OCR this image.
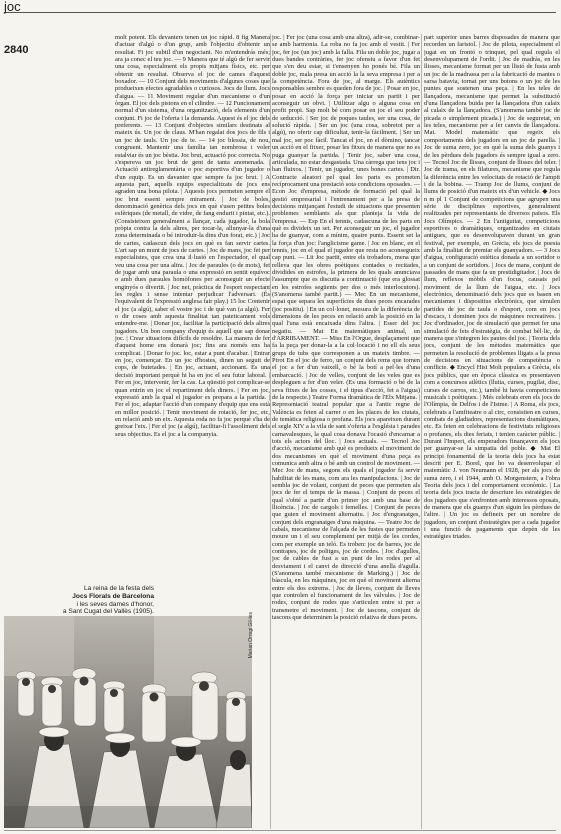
joc
2840

molt potent. Els devanters tenen un joc rápid. 8 fig Manera d'actuar d'algú o d'un grup, amb l'objectiu d'obtenir un resultat. Fi joc subtil d'un negociant. No m'entendrás més; ara ja conec el teu joc. — 9 Manera que té algú de fer servir una cosa, especialment els propis mitjans físics, etc. per obtenir un resultat. Observa el joc de cames d'aquest boxador. — 10 Conjunt dels moviments d'algunes coses que produeixen efectes agradables o curiosos. Jocs de llum. Jocs d'aigua. — 11 Moviment regular d'un mecanisme o d'un òrgan. El joc dels pistons en el cilindre. — 12 Funcionament normal d'un sistema, d'una organització, dels elements d'un conjunt. Fi joc de l'oferta i la demanda. Aquest és el joc dels preferents. — 13 Conjunt d'objectes similars destinats al mateix ús. Un joc de claus. M'han regalat dos jocs de fils i un joc de tauls. Un joc de te. — 14 joc blessia, de nou, congruent. Mantenir una família tan nombrosa i voler estalviar és un joc bèstia. Joc brut, actuació poc correcta. No s'espereva un joc brut de gent de tanta anomenada. | Actuació antireglamentària o poc esportiva d'un jugador o d'un equip. Es un davanter que sempre fa joc brut. | A aquesta part, aquells equips especialitzats de jocs ens agraden una bona pilota. | Aquests jocs permeten sempre el joc brut essent sempre mirament. | Joc de boles, denominació genèrica dels jocs en què s'usen petites boles esfèriques (de metall, de vidre, de fang endurit i pintat, etc.). (Consisteixen generalment a llançar, cada jugador, la bola pròpia contra la dels altres, per tocar-la, allunyar-la d'una zona determinada o bé introduir-la dins d'un forat, etc.) | Joc de cartes, cadascun dels jocs en què es fan servir cartes. L'art sap un munt de jocs de cartes. | Joc de mans, joc fet per especialistes, que crea una il·lusió en l'espectador, el qual veu una cosa per una altra. | Joc de paraules (o de mots), fet de jugar amb una paraula o una expressió en sentit equívoc o amb dues paraules homòfones per aconseguir un efecte enginyós o divertit. | Joc net, pràctica de l'esport respectant les regles i sense intentar perjudicar l'adversari. (És l'equivalent de l'expressió anglesa fair play.) 15 loc Contenir el joc (a algú), saber el vostre joc i de què van (a algú). Fer o dir coses amb aquesta finalitat tan pateticament vols entendre-me. | Donar joc, facilitar la participació dels altres jugadors. Un bon company d'equip és aquell que sap donar joc. | Crear situacions difícils de resoldre. La manera de fer d'aquest home ens donarà joc; fins ara només ens ha complicat. | Donar fo joc. loc, estar a punt d'acabar. | Entrar en joc, començar. En un joc d'hostes, dinen un seguit de cops, de butetades. | En joc, actuant, accionant. Es una decisió important perquè hi ha en joc el seu futur laboral. | Fer en joc, intervenir, fer la cas. La qüestió pot complicar-se quan entrin en joc el repartiment dels diners. | Fer en joc, expressió amb la qual el jugador es prepara a la partida. | Fer el joc, adaptar l'acció d'un company d'equip que ens està en millor posició. | Tenir moviment de rotació, fer joc, etc, en relació amb un eix. Aquesta roda no fa joc perquè s'ha de greixar l'eix. | Fer el joc (a algú), facilitar-li l'assoliment dels seus objectius. Es el joc a la companyia.

joc. | Fer joc (una cosa amb una altra), adir-se, combinar-se amb harmonia. La roba no fa joc amb el vestit. | Fer joc, fer joc (un joc) amb la falla. Fila un doble joc, jugar a dues bandes contràries, fer joc ofensiu a favor d'un fet que s'en deu estar, si t'ensenyen ho ponés bé. Fila un doble joc, mala presa un acció la la seva empresa i per a la competència. Fora de joc, al marge. Els autèntics responsables sembre es queden fora de joc. | Posar en joc, posar en acció la força per iniciar un partit i per aconseguir un obvi. | Utilitzar algu o alguna cosa en profit propi. Sap molt bé com posar en joc el seu poder de seducció. | Ser joc de poques taules, ser una cosa, de solució ràpida. | Ser un joc (una cosa, sobretot per a algú), no oferir cap dificultat, tenir-la fàcilment. | Ser un mal joc, ser poc fàcil. Tancat el joc, en el dòmino, tancar un acció en el fitxer, posar les fitxes de manera que no es puga guanyar la partida. | Tenir joc, saber una cosa, articulada, no estar desgastada. Una càrrega que tens joc i han fluixos. | Tenir, un jugador, unes bones cartes. | Dir. Contracte aleatori pel qual les parts es prometen recíprocament una prestació sota condicions oposades. — Econ Joc d'empresa, mètode de formació pel qual la gestió empresarial i l'entrenament per a la presa de decisions mitjançant l'estudi de situacions que presenten problemes semblants als que planteja la vida de l'empresa. — Esp En el tennis, cadascuna de les parts en què es divideix un set. Per aconseguir un joc, el jugador ha de guanyar, com a mínim, quatre punts. Essent set la la força d'un joc: l'anglicisme game. | Joc en blanc, en el tennis, joc en el qual el jugador que resta no aconsegueix cap punt. — Lit Joc partit, entre els trobadors, mena que relleva que les obres poètiques contades o recitades, dividides en estrofes, la primera de les quals anunciava l'assumpte que es discutia a continuació (que era glossat en les estrofes següents per dos o més interlocutors). (S'anomena també partit.) — Mec En un mecanisme, espai que separa les superfícies de dues peces encarades (joc positiu). | En un col·lonet, mesura de la diferència de dimensions de les peces en relació amb la posició en la qual l'una està encaixada dins l'altra. | Esser del joc negatiu. — Mat En matemàtiques animal, un d'ARRIBAMENT. — Miss En l'Orgue, desplaçament que fa la peça per donar-la a la col·locació i no ell els seus grups de tubs que corresponen a un mateix timbre. — Pirot En el joc de ferro, un conjunt dels rems que tornen el joc a fer d'un vaixell, o bé la botí a pel·les d'una embarcació. | Joc de velles, conjunt de les veles que es despleguen a fer d'un veler. (Es una formació o bé de la seva fitxes de les cosses, i el tipus d'acció, fet a l'aigua) de la respecte.) Teatre Forma dramàtica de l'Elx Mitjana. | Representació teatral popular que a l'antic regne de València es feien al carrer o en les places de les ciutats, de temàtica religiosa o profana. Els jocs apareixen durant el segle XIV a la vila de sant s'oferia a l'església i parades carnavalesques, la qual cosa donava l'ocasió d'encarnar a tots els actors del lloc. | Jocs actuals. — Tecnol Joc d'acció, mecanisme amb què es produeix el moviment de dos mecanismes en què el moviment d'una peça es comunica amb altra o bé amb un control de moviment. — Mec Joc de mans, segons els quals el jugador fa servir habilitat de les mans, com ara les manipulacions. | Joc de sembla joc de volant, conjunt de peces que permeten als jocs de fer el temps de la massa. | Conjunt de peces el qual s'obté a partir d'un primer joc amb una base de llicència. | Joc de cargols i femelles. | Conjunt de peces que guien el moviment alternatiu. | Joc d'engranatges, conjunt dels engranatges d'una màquina. — Teatre Joc de cabals, mecanisme de l'alçada de les fustes que permeten moure un i el seu complement per mitjà de les cordes, com per exemple un teló. Es troben: joc de barres, joc de contrapes, joc de politges, joc de cordes. | Joc d'agulles, joc de cables de fust a un punt de les rodes per al desviament i el canvi de direcció d'una anella d'agulla. (S'anomena també mecanisme de Marking.) | Joc de bàscula, en les màquines, joc en què el moviment alterna entre els dos extrems. | Joc de lleves, conjunt de lleves que controlen el funcionament de les vàlvules. | Joc de rodes, conjunt de rodes que s'articulen entre si per a transmetre el moviment. | Joc de tascons, conjunt de tascons que determinen la posició relativa de dues peces.

part superior unes barres disposades de manera que recorden un faristol. | Joc de pilota, especialment el jugat en un frontó o trinquet, pel qual regula el desenvolupament de l'ordit. | Joc de madràs, en les llisses, mecanisme format per un llistó de fusta amb un joc de la madrassa per a la fabricació de mantes o sarsa batavia, tornat per uns botons o un joc de les puntes que sostenen una peça. | En les teles de llançadora, mecanisme que permet la substitució d'una llançadora buida per la llançadora d'un calaix al calaix de la llançadora. (S'anomena també joc de picada o simplement picada.) | Joc de seguretat, en les teles, mecanisme per a fer canvis de llançadora. Mat. Model matemàtic que regeix els comportaments dels jugadors en un joc de parella. | Joc de suma zero, joc en què la suma dels guanys i de les pèrdues dels jugadors és sempre igual a zero. — Tecnol Joc de llisses, conjunt de llisses del teler. | Joc de trama, en els filatures, mecanisme que regula la diferència entre les velocitats de rotació de l'ampit i de la bobina. — Tramp Joc de llums, conjunt de llums de posició d'un mateix eix d'un vehicle. ◆ Jocs n m pl 1 Conjunt de competicions que agrupen una sèrie de disciplines esportives, generalment realitzades per representants de diversos països. Els Jocs Olímpics. — 2 En l'antiguitat, competicions esportives o dramàtiques, organitzades en ciutats antigues, que es desenvolupaven durant un gran festival, per exemple, en Grècia, els jocs de poesia amb la finalitat de premiar els guanyadors. — 3 Jocs d'aigua, configuració estètica donada a un sortidor o a un conjunt de sortidors. | Jocs de mans, conjunt de passades de mans que fa un prestidigitador. | Jocs de llum, reflexos mòbils d'un focus, causats pel moviment de la llum de l'aigua, etc. | Jocs electrònics, denominació dels jocs que es basen en mecanismes i dispositius electrònics, que simulen partides de joc de taula o d'esport, com en jocs d'escacs, i dominen jocs de màquines recreatives. | Joc d'ordinador, joc de simulació que permet fer una simulació de fets d'estratègia, de combat bèl·lic, de manera que s'integren les pautes del joc. | Teoria dels jocs, conjunt de les mètodes matemàtics que permeten la resolució de problemes lligats a la presa de decisions en situacions de competència o conflicte. ◆ Encycl Hist Molt populars a Grècia, els jocs públics, que en època clàssica es presentaven com a concursos atlètics (lluita, curses, pugilat, disc, curses de carros, etc.), també hi havia competicions musicals i poètiques. | Més celebrats eren els jocs de l'Olímpia, de Delfos i de l'Istme. | A Roma, els jocs, celebrats a l'amfiteatre o al circ, consistien en curses, combats de gladiadors, representacions dramàtiques, etc. Es feien en celebracions de festivitats religioses o profanes, els dies feriats, i tenien caràcter públic. | Durant l'Imperi, els emperadors finançaven els jocs per guanyar-se la simpatia del poble. ◆ Mat El principi fonamental de la teoria dels jocs ha estat descrit per E. Borel, que ho va desenvolupar el matemàtic J. von Neumann el 1928, per als jocs de suma zero, i el 1944, amb O. Morgenstern, a l'obra Teoria dels jocs i del comportament econòmic. | La teoria dels jocs tracta de descriure les estratègies de dos jugadors que s'enfronten amb interessos oposats, de manera que els guanys d'un siguin les pèrdues de l'altre. | Un joc es defineix per un nombre de jugadors, un conjunt d'estratègies per a cada jugador i una funció de pagaments que depèn de les estratègies triades.

La reina de la festa dels
Jocs Florals de Barcelona
i les seves dames d'honor,
a Sant Cugat del Vallès (1905).
Marian Orregi Gil-tes
